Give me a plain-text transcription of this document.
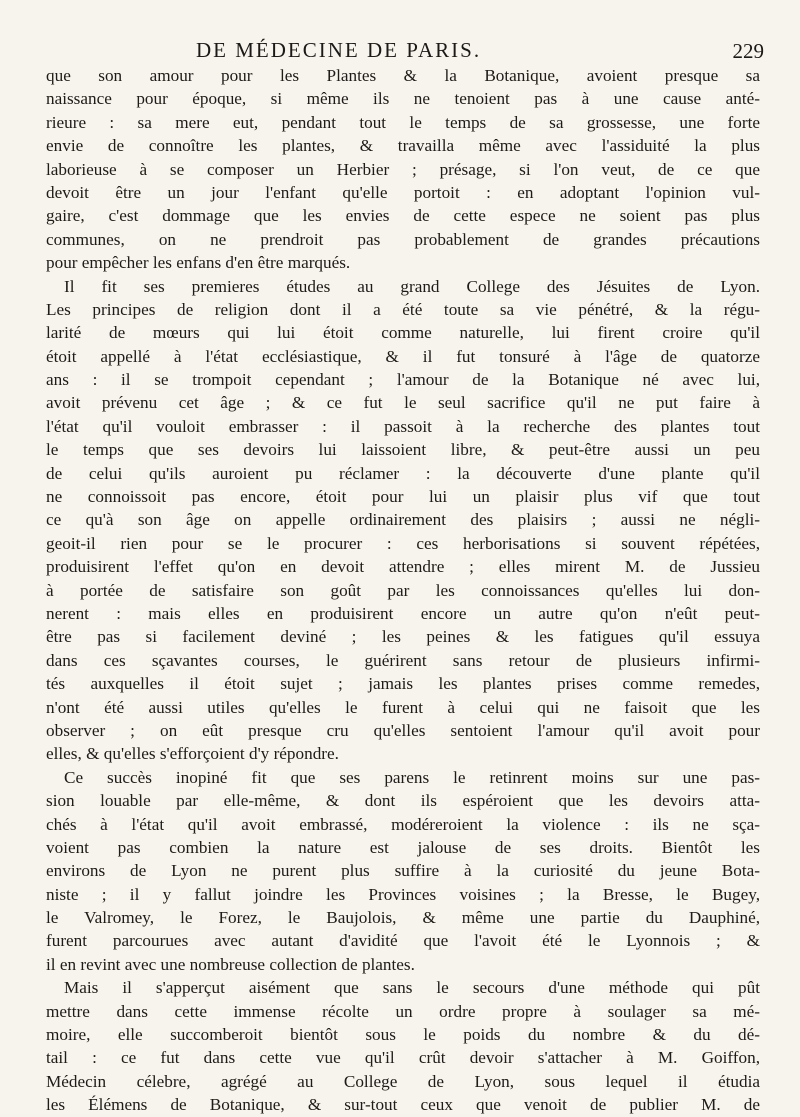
DE MÉDECINE DE PARIS.	229
que son amour pour les Plantes & la Botanique, avoient presque sa
naissance pour époque, si même ils ne tenoient pas à une cause anté-
rieure : sa mere eut, pendant tout le temps de sa grossesse, une forte
envie de connoître les plantes, & travailla même avec l'assiduité la plus
laborieuse à se composer un Herbier ; présage, si l'on veut, de ce que
devoit être un jour l'enfant qu'elle portoit : en adoptant l'opinion vul-
gaire, c'est dommage que les envies de cette espece ne soient pas plus
communes, on ne prendroit pas probablement de grandes précautions
pour empêcher les enfans d'en être marqués.
Il fit ses premieres études au grand College des Jésuites de Lyon.
Les principes de religion dont il a été toute sa vie pénétré, & la régu-
larité de mœurs qui lui étoit comme naturelle, lui firent croire qu'il
étoit appellé à l'état ecclésiastique, & il fut tonsuré à l'âge de quatorze
ans : il se trompoit cependant ; l'amour de la Botanique né avec lui,
avoit prévenu cet âge ; & ce fut le seul sacrifice qu'il ne put faire à
l'état qu'il vouloit embrasser : il passoit à la recherche des plantes tout
le temps que ses devoirs lui laissoient libre, & peut-être aussi un peu
de celui qu'ils auroient pu réclamer : la découverte d'une plante qu'il
ne connoissoit pas encore, étoit pour lui un plaisir plus vif que tout
ce qu'à son âge on appelle ordinairement des plaisirs ; aussi ne négli-
geoit-il rien pour se le procurer : ces herborisations si souvent répétées,
produisirent l'effet qu'on en devoit attendre ; elles mirent M. de Jussieu
à portée de satisfaire son goût par les connoissances qu'elles lui don-
nerent : mais elles en produisirent encore un autre qu'on n'eût peut-
être pas si facilement deviné ; les peines & les fatigues qu'il essuya
dans ces sçavantes courses, le guérirent sans retour de plusieurs infirmi-
tés auxquelles il étoit sujet ; jamais les plantes prises comme remedes,
n'ont été aussi utiles qu'elles le furent à celui qui ne faisoit que les
observer ; on eût presque cru qu'elles sentoient l'amour qu'il avoit pour
elles, & qu'elles s'efforçoient d'y répondre.
Ce succès inopiné fit que ses parens le retinrent moins sur une pas-
sion louable par elle-même, & dont ils espéroient que les devoirs atta-
chés à l'état qu'il avoit embrassé, modéreroient la violence : ils ne sça-
voient pas combien la nature est jalouse de ses droits. Bientôt les
environs de Lyon ne purent plus suffire à la curiosité du jeune Bota-
niste ; il y fallut joindre les Provinces voisines ; la Bresse, le Bugey,
le Valromey, le Forez, le Baujolois, & même une partie du Dauphiné,
furent parcourues avec autant d'avidité que l'avoit été le Lyonnois ; &
il en revint avec une nombreuse collection de plantes.
Mais il s'apperçut aisément que sans le secours d'une méthode qui pût
mettre dans cette immense récolte un ordre propre à soulager sa mé-
moire, elle succomberoit bientôt sous le poids du nombre & du dé-
tail : ce fut dans cette vue qu'il crût devoir s'attacher à M. Goiffon,
Médecin célebre, agrégé au College de Lyon, sous lequel il étudia
les Élémens de Botanique, & sur-tout ceux que venoit de publier M. de
